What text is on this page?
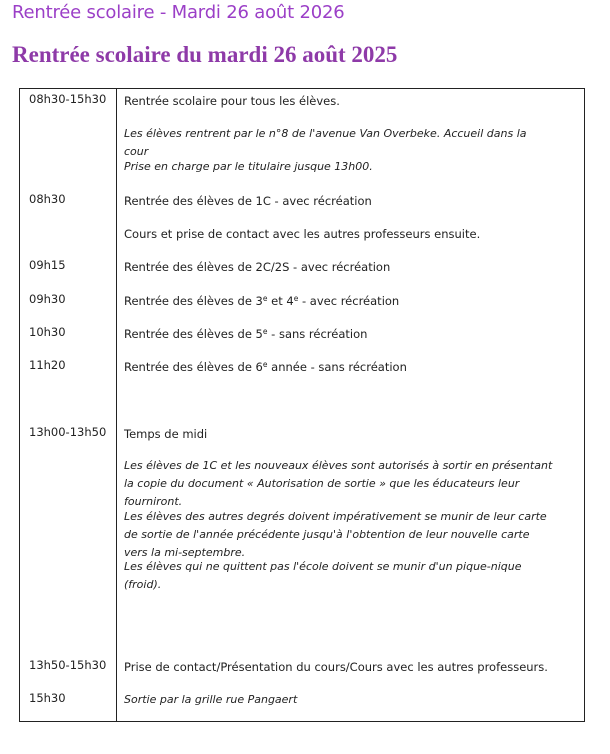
Rentrée scolaire - Mardi 26 août 2026
Rentrée scolaire du mardi 26 août 2025
08h30-15h30 Rentrée scolaire pour tous les élèves.
Les élèves rentrent par le n°8 de l'avenue Van Overbeke. Accueil dans la cour
Prise en charge par le titulaire jusque 13h00.
08h30	Rentrée des élèves de 1C - avec récréation
Cours et prise de contact avec les autres professeurs ensuite.
09h15	Rentrée des élèves de 2C/2S - avec récréation
09h30	Rentrée des élèves de 3e et 4e - avec récréation
10h30	Rentrée des élèves de 5e - sans récréation
11h20	Rentrée des élèves de 6e année - sans récréation
13h00-13h50 Temps de midi
Les élèves de 1C et les nouveaux élèves sont autorisés à sortir en présentant la copie du document « Autorisation de sortie » que les éducateurs leur fourniront.
Les élèves des autres degrés doivent impérativement se munir de leur carte de sortie de l'année précédente jusqu'à l'obtention de leur nouvelle carte vers la mi-septembre.
Les élèves qui ne quittent pas l'école doivent se munir d'un pique-nique (froid).
13h50-15h30 Prise de contact/Présentation du cours/Cours avec les autres professeurs.
15h30	Sortie par la grille rue Pangaert
